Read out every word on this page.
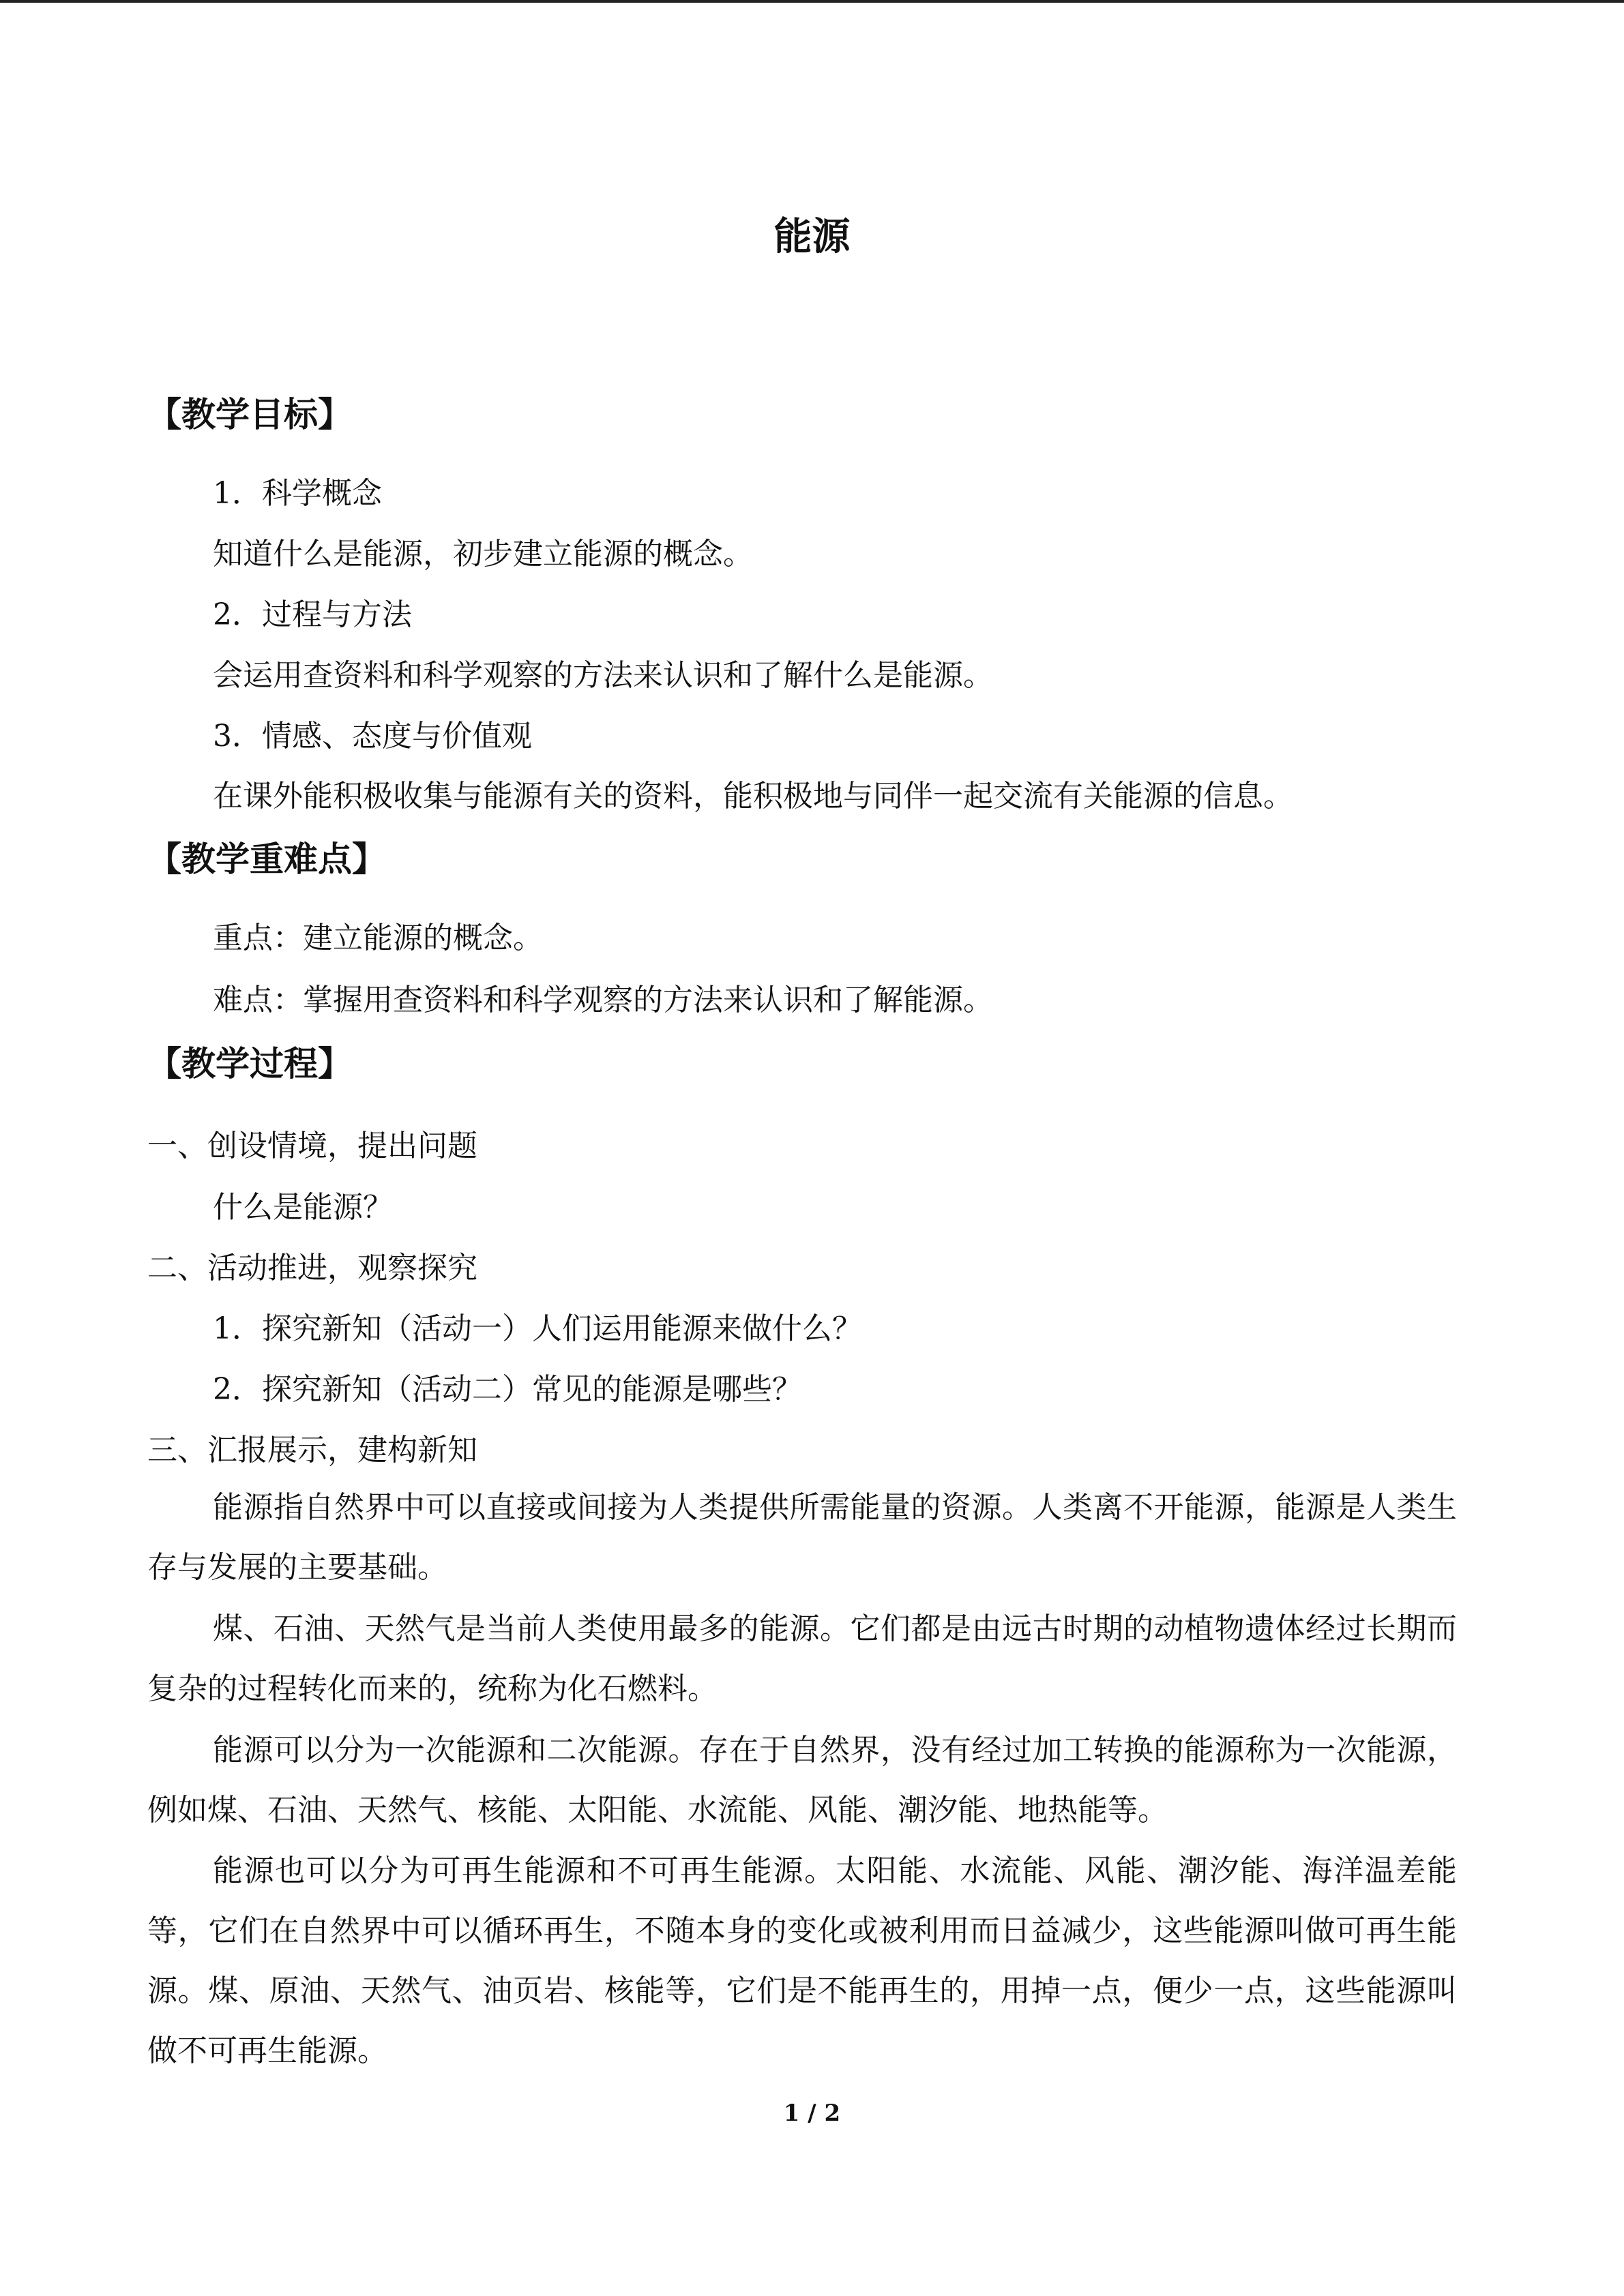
能源
【教学目标】
1．科学概念
知道什么是能源，初步建立能源的概念。
2．过程与方法
会运用查资料和科学观察的方法来认识和了解什么是能源。
3．情感、态度与价值观
在课外能积极收集与能源有关的资料，能积极地与同伴一起交流有关能源的信息。
【教学重难点】
重点：建立能源的概念。
难点：掌握用查资料和科学观察的方法来认识和了解能源。
【教学过程】
一、创设情境，提出问题
什么是能源？
二、活动推进，观察探究
1．探究新知（活动一）人们运用能源来做什么？
2．探究新知（活动二）常见的能源是哪些？
三、汇报展示，建构新知
能源指自然界中可以直接或间接为人类提供所需能量的资源。人类离不开能源，能源是人类生存与发展的主要基础。
煤、石油、天然气是当前人类使用最多的能源。它们都是由远古时期的动植物遗体经过长期而复杂的过程转化而来的，统称为化石燃料。
能源可以分为一次能源和二次能源。存在于自然界，没有经过加工转换的能源称为一次能源，例如煤、石油、天然气、核能、太阳能、水流能、风能、潮汐能、地热能等。
能源也可以分为可再生能源和不可再生能源。太阳能、水流能、风能、潮汐能、海洋温差能等，它们在自然界中可以循环再生，不随本身的变化或被利用而日益减少，这些能源叫做可再生能源。煤、原油、天然气、油页岩、核能等，它们是不能再生的，用掉一点，便少一点，这些能源叫做不可再生能源。
1 / 2
